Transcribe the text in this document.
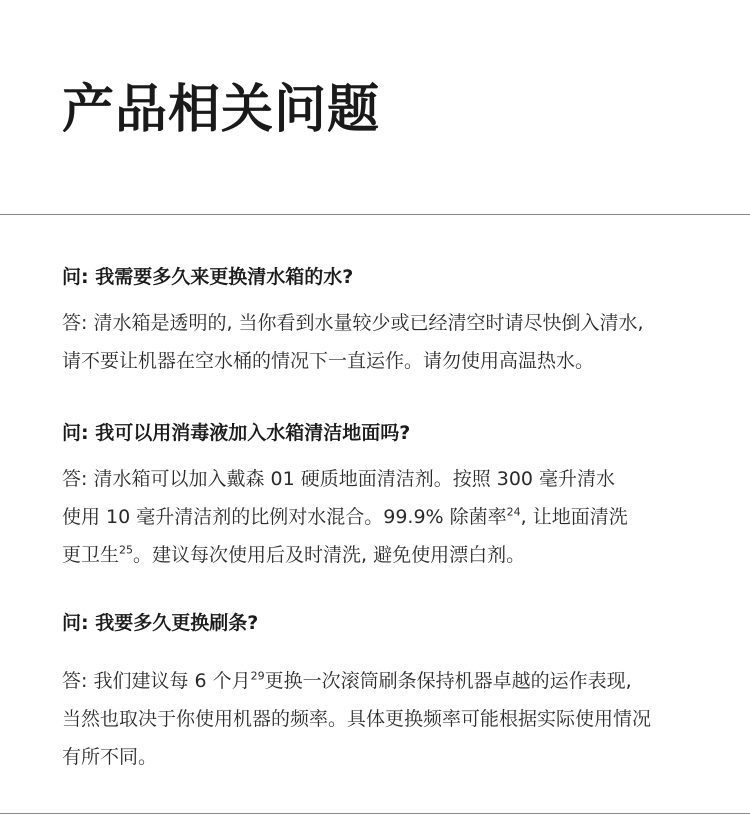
产品相关问题
问: 我需要多久来更换清水箱的水?
答: 清水箱是透明的, 当你看到水量较少或已经清空时请尽快倒入清水,
请不要让机器在空水桶的情况下一直运作。请勿使用高温热水。
问: 我可以用消毒液加入水箱清洁地面吗?
答: 清水箱可以加入戴森 01 硬质地面清洁剂。按照 300 毫升清水
使用 10 毫升清洁剂的比例对水混合。99.9% 除菌率$^{24}$, 让地面清洗
更卫生$^{25}$。建议每次使用后及时清洗, 避免使用漂白剂。
问: 我要多久更换刷条?
答: 我们建议每 6 个月$^{29}$更换一次滚筒刷条保持机器卓越的运作表现,
当然也取决于你使用机器的频率。具体更换频率可能根据实际使用情况
有所不同。
